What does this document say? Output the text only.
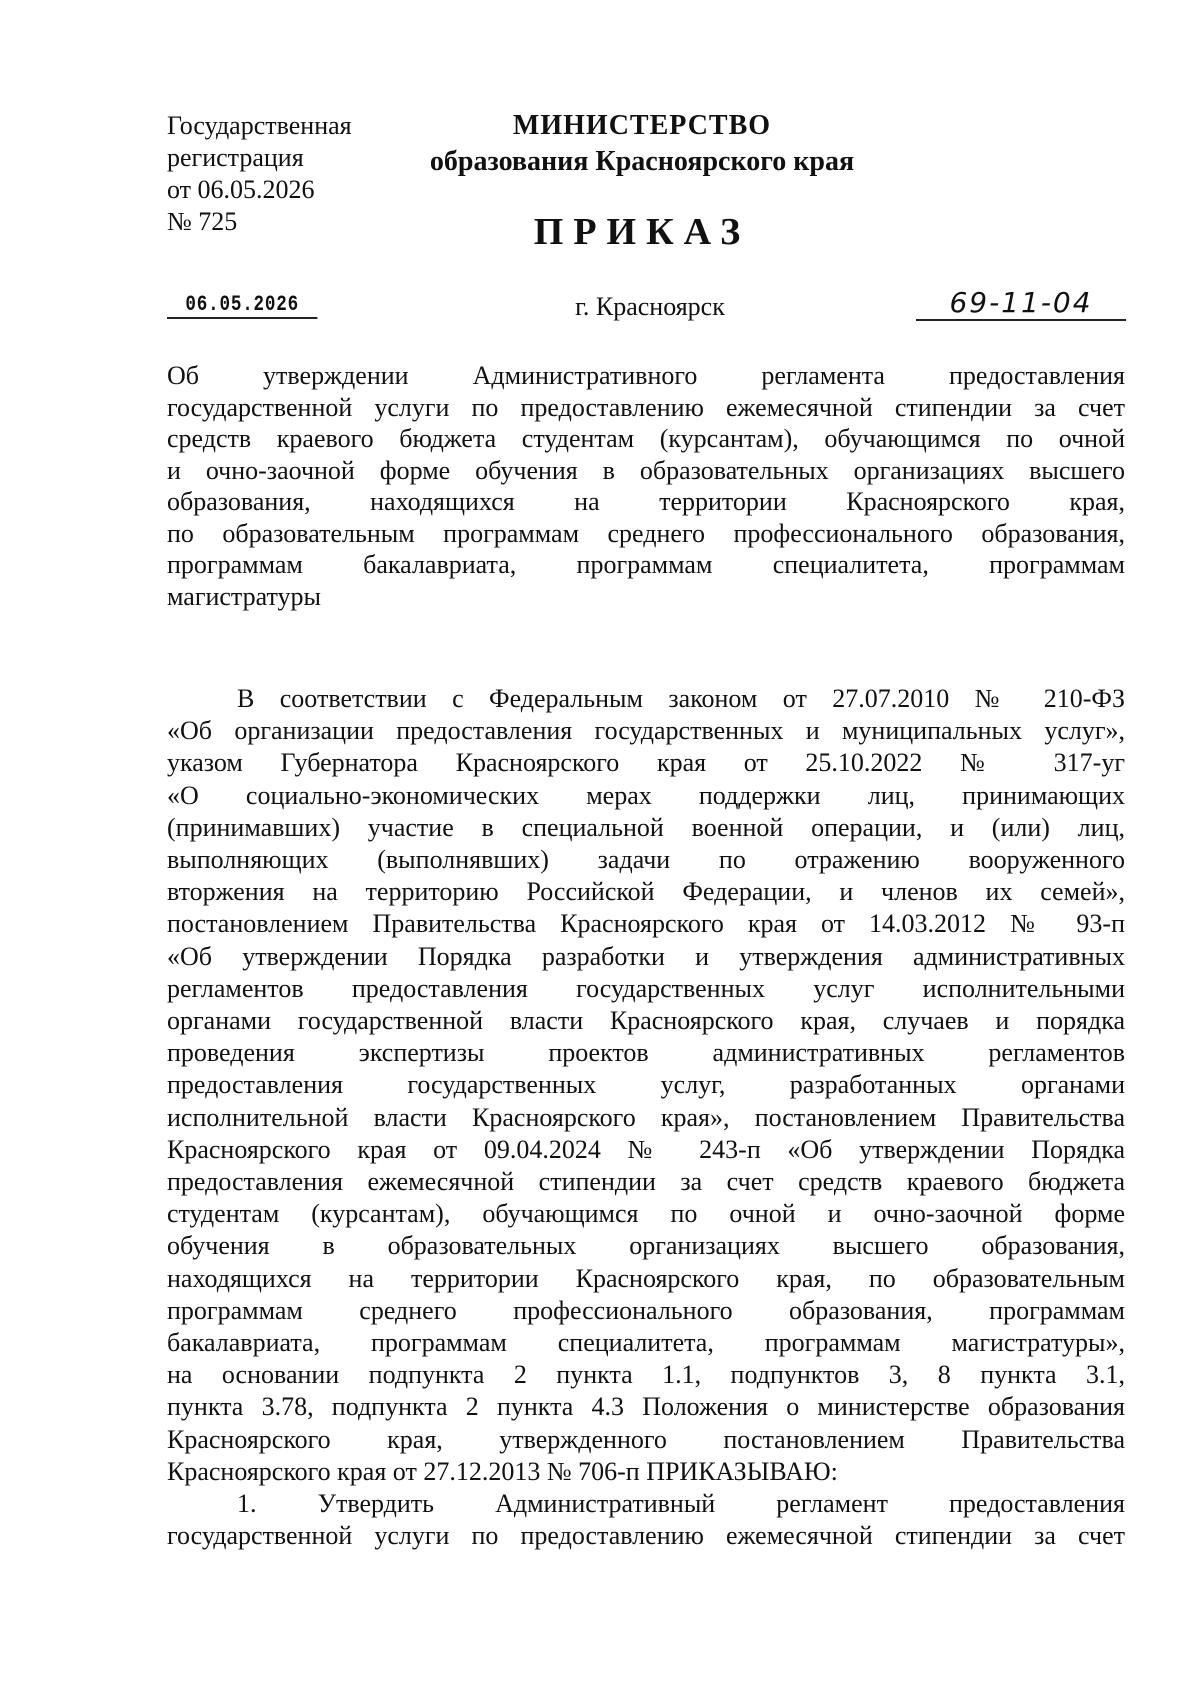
Государственная
регистрация
от 06.05.2026
№ 725
МИНИСТЕРСТВО
образования Красноярского края
ПРИКАЗ
06.05.2026	г. Красноярск	69-11-04
Об утверждении Административного регламента предоставления
государственной услуги по предоставлению ежемесячной стипендии за счет
средств краевого бюджета студентам (курсантам), обучающимся по очной
и очно-заочной форме обучения в образовательных организациях высшего
образования, находящихся на территории Красноярского края,
по образовательным программам среднего профессионального образования,
программам бакалавриата, программам специалитета, программам
магистратуры
В соответствии с Федеральным законом от 27.07.2010 № 210-ФЗ
«Об организации предоставления государственных и муниципальных услуг»,
указом Губернатора Красноярского края от 25.10.2022 № 317-уг
«О социально-экономических мерах поддержки лиц, принимающих
(принимавших) участие в специальной военной операции, и (или) лиц,
выполняющих (выполнявших) задачи по отражению вооруженного
вторжения на территорию Российской Федерации, и членов их семей»,
постановлением Правительства Красноярского края от 14.03.2012 № 93-п
«Об утверждении Порядка разработки и утверждения административных
регламентов предоставления государственных услуг исполнительными
органами государственной власти Красноярского края, случаев и порядка
проведения экспертизы проектов административных регламентов
предоставления государственных услуг, разработанных органами
исполнительной власти Красноярского края», постановлением Правительства
Красноярского края от 09.04.2024 № 243-п «Об утверждении Порядка
предоставления ежемесячной стипендии за счет средств краевого бюджета
студентам (курсантам), обучающимся по очной и очно-заочной форме
обучения в образовательных организациях высшего образования,
находящихся на территории Красноярского края, по образовательным
программам среднего профессионального образования, программам
бакалавриата, программам специалитета, программам магистратуры»,
на основании подпункта 2 пункта 1.1, подпунктов 3, 8 пункта 3.1,
пункта 3.78, подпункта 2 пункта 4.3 Положения о министерстве образования
Красноярского края, утвержденного постановлением Правительства
Красноярского края от 27.12.2013 № 706-п ПРИКАЗЫВАЮ:
1. Утвердить Административный регламент предоставления
государственной услуги по предоставлению ежемесячной стипендии за счет
